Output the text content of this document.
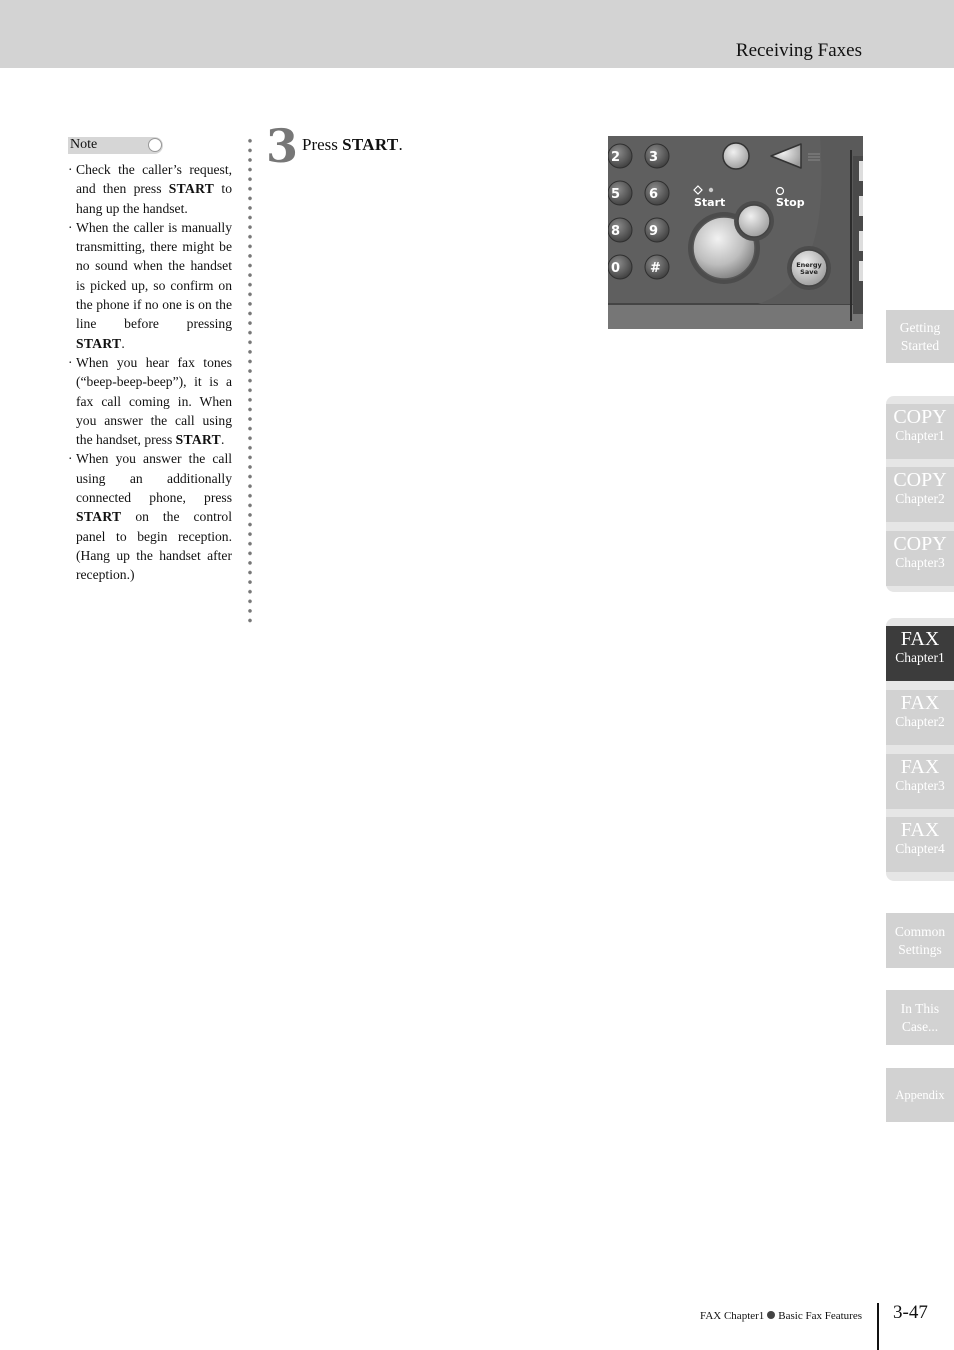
Receiving Faxes
Note
· Check the caller’s request, and then press START to hang up the handset.
· When the caller is manually transmitting, there might be no sound when the handset is picked up, so confirm on the phone if no one is on the line before pressing START.
· When you hear fax tones (“beep-beep-beep”), it is a fax call coming in. When you answer the call using the handset, press START.
· When you answer the call using an additionally connected phone, press START on the control panel to begin reception. (Hang up the handset after reception.)
3 Press START.
2 3
5 6
8 9
0 #
Start	Stop
Energy
Save
Getting
Started
COPY
Chapter1
COPY
Chapter2
COPY
Chapter3
FAX
Chapter1
FAX
Chapter2
FAX
Chapter3
FAX
Chapter4
Common
Settings
In This
Case...
Appendix
FAX Chapter1 Basic Fax Features 3-47
